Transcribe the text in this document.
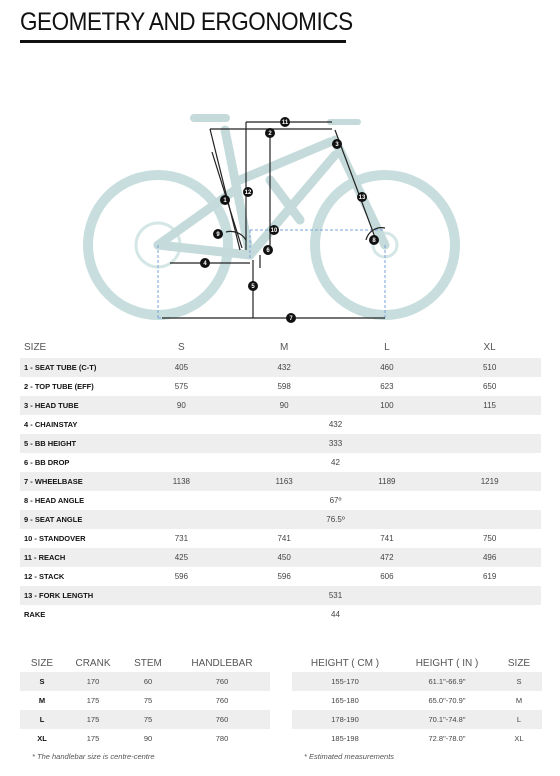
GEOMETRY AND ERGONOMICS
1
2
3
4
5
6
7
8
9
10
11
12
13
SIZE	S	M	L	XL
1 - SEAT TUBE (C-T)	405	432	460	510
2 - TOP TUBE (EFF)	575	598	623	650
3 - HEAD TUBE	90	90	100	115
4 - CHAINSTAY	432
5 - BB HEIGHT	333
6 - BB DROP	42
7 - WHEELBASE	1138	1163	1189	1219
8 - HEAD ANGLE	67º
9 - SEAT ANGLE	76.5º
10 - STANDOVER	731	741	741	750
11 - REACH	425	450	472	496
12 - STACK	596	596	606	619
13 - FORK LENGTH	531
RAKE	44
SIZE	CRANK	STEM	HANDLEBAR
S	170	60	760
M	175	75	760
L	175	75	760
XL	175	90	780
* The handlebar size is centre-centre
HEIGHT ( CM )	HEIGHT ( IN )	SIZE
155-170	61.1"-66.9"	S
165-180	65.0"-70.9"	M
178-190	70.1"-74.8"	L
185-198	72.8"-78.0"	XL
* Estimated measurements
